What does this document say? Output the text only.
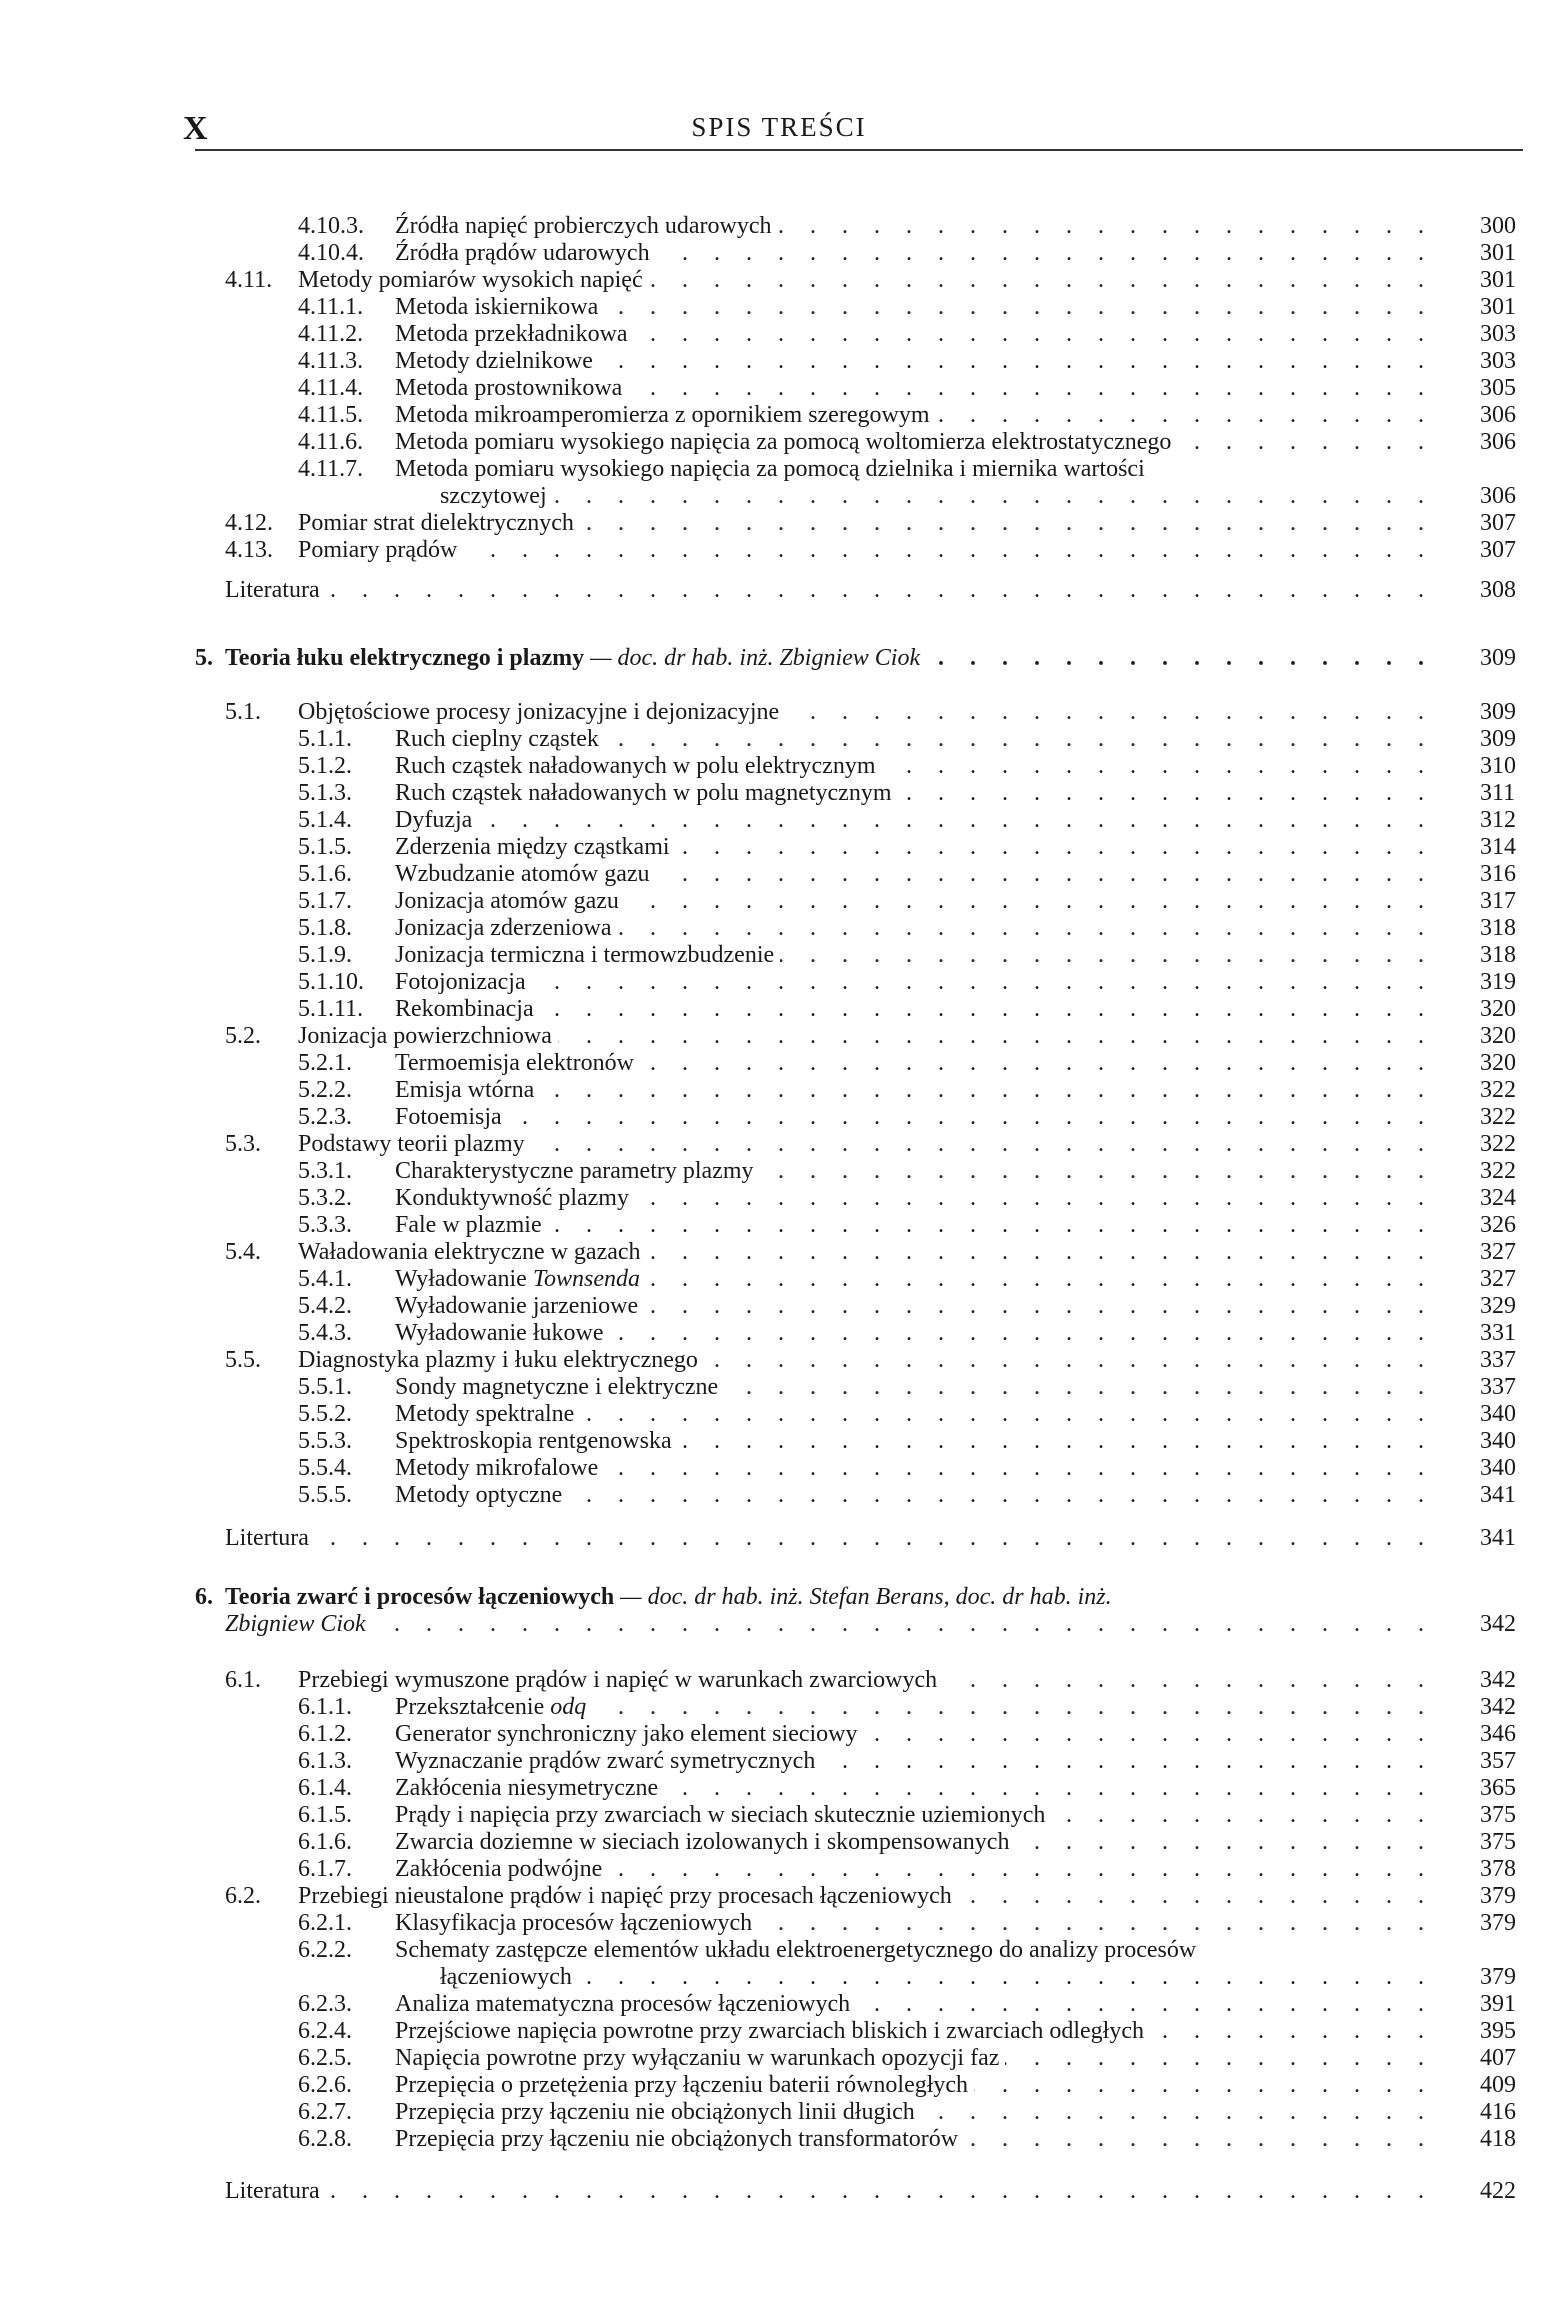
X	SPIS TREŚCI
4.10.3.	Źródła napięć probierczych udarowych . . .	300
4.10.4.	Źródła prądów udarowych . . .	301
4.11.	Metody pomiarów wysokich napięć . . .	301
4.11.1.	Metoda iskiernikowa . . .	301
4.11.2.	Metoda przekładnikowa . . .	303
4.11.3.	Metody dzielnikowe . . .	303
4.11.4.	Metoda prostownikowa . . .	305
4.11.5.	Metoda mikroamperomierza z opornikiem szeregowym . . .	306
4.11.6.	Metoda pomiaru wysokiego napięcia za pomocą woltomierza elektrostatycznego . . .	306
4.11.7.	Metoda pomiaru wysokiego napięcia za pomocą dzielnika i miernika wartości
szczytowej . . .	306
4.12.	Pomiar strat dielektrycznych . . .	307
4.13.	Pomiary prądów . . .	307
Literatura . . .	308
5. Teoria łuku elektrycznego i plazmy — doc. dr hab. inż. Zbigniew Ciok . . .	309
5.1.	Objętościowe procesy jonizacyjne i dejonizacyjne . . .	309
5.1.1.	Ruch cieplny cząstek . . .	309
5.1.2.	Ruch cząstek naładowanych w polu elektrycznym . . .	310
5.1.3.	Ruch cząstek naładowanych w polu magnetycznym . . .	311
5.1.4.	Dyfuzja . . .	312
5.1.5.	Zderzenia między cząstkami . . .	314
5.1.6.	Wzbudzanie atomów gazu . . .	316
5.1.7.	Jonizacja atomów gazu . . .	317
5.1.8.	Jonizacja zderzeniowa . . .	318
5.1.9.	Jonizacja termiczna i termowzbudzenie . . .	318
5.1.10.	Fotojonizacja . . .	319
5.1.11.	Rekombinacja . . .	320
5.2.	Jonizacja powierzchniowa . . .	320
5.2.1.	Termoemisja elektronów . . .	320
5.2.2.	Emisja wtórna . . .	322
5.2.3.	Fotoemisja . . .	322
5.3.	Podstawy teorii plazmy . . .	322
5.3.1.	Charakterystyczne parametry plazmy . . .	322
5.3.2.	Konduktywność plazmy . . .	324
5.3.3.	Fale w plazmie . . .	326
5.4.	Waładowania elektryczne w gazach . . .	327
5.4.1.	Wyładowanie Townsenda . . .	327
5.4.2.	Wyładowanie jarzeniowe . . .	329
5.4.3.	Wyładowanie łukowe . . .	331
5.5.	Diagnostyka plazmy i łuku elektrycznego . . .	337
5.5.1.	Sondy magnetyczne i elektryczne . . .	337
5.5.2.	Metody spektralne . . .	340
5.5.3.	Spektroskopia rentgenowska . . .	340
5.5.4.	Metody mikrofalowe . . .	340
5.5.5.	Metody optyczne . . .	341
Litertura . . .	341
6. Teoria zwarć i procesów łączeniowych — doc. dr hab. inż. Stefan Berans, doc. dr hab. inż.
Zbigniew Ciok . . .	342
6.1.	Przebiegi wymuszone prądów i napięć w warunkach zwarciowych . . .	342
6.1.1.	Przekształcenie odq . . .	342
6.1.2.	Generator synchroniczny jako element sieciowy . . .	346
6.1.3.	Wyznaczanie prądów zwarć symetrycznych . . .	357
6.1.4.	Zakłócenia niesymetryczne . . .	365
6.1.5.	Prądy i napięcia przy zwarciach w sieciach skutecznie uziemionych . . .	375
6.1.6.	Zwarcia doziemne w sieciach izolowanych i skompensowanych . . .	375
6.1.7.	Zakłócenia podwójne . . .	378
6.2.	Przebiegi nieustalone prądów i napięć przy procesach łączeniowych . . .	379
6.2.1.	Klasyfikacja procesów łączeniowych . . .	379
6.2.2.	Schematy zastępcze elementów układu elektroenergetycznego do analizy procesów
łączeniowych . . .	379
6.2.3.	Analiza matematyczna procesów łączeniowych . . .	391
6.2.4.	Przejściowe napięcia powrotne przy zwarciach bliskich i zwarciach odległych . . .	395
6.2.5.	Napięcia powrotne przy wyłączaniu w warunkach opozycji faz . . .	407
6.2.6.	Przepięcia o przetężenia przy łączeniu baterii równoległych . . .	409
6.2.7.	Przepięcia przy łączeniu nie obciążonych linii długich . . .	416
6.2.8.	Przepięcia przy łączeniu nie obciążonych transformatorów . . .	418
Literatura . . .	422
